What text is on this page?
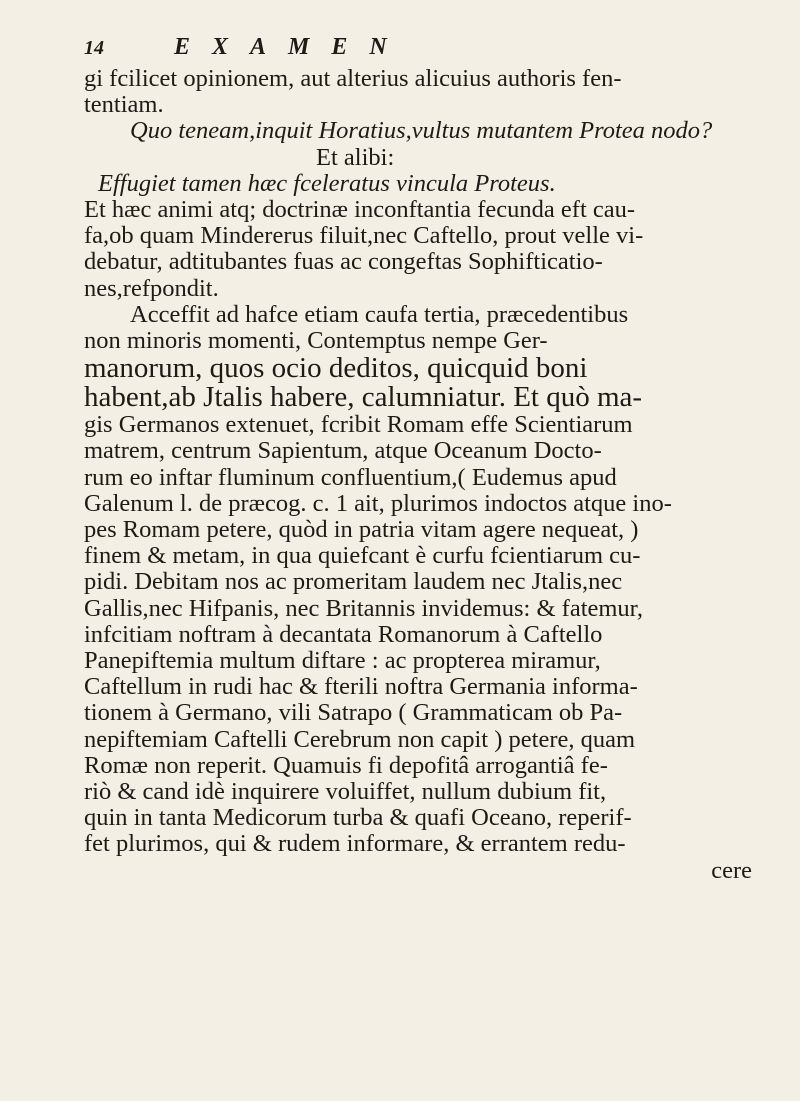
14	EXAMEN
gi fcilicet opinionem, aut alterius alicuius authoris fen-
tentiam.
Quo teneam,inquit Horatius,vultus mutantem Protea nodo?
Et alibi:
Effugiet tamen hæc fceleratus vincula Proteus.
Et hæc animi atq; doctrinæ inconftantia fecunda eft cau-
fa,ob quam Mindererus filuit,nec Caftello, prout velle vi-
debatur, adtitubantes fuas ac congeftas Sophifticatio-
nes,refpondit.
Acceffit ad hafce etiam caufa tertia, præcedentibus
non minoris momenti, Contemptus nempe Ger-
manorum, quos ocio deditos, quicquid boni
habent,ab Jtalis habere, calumniatur. Et quò ma-
gis Germanos extenuet, fcribit Romam effe Scientiarum
matrem, centrum Sapientum, atque Oceanum Docto-
rum eo inftar fluminum confluentium,( Eudemus apud
Galenum l. de præcog. c. 1 ait, plurimos indoctos atque ino-
pes Romam petere, quòd in patria vitam agere nequeat, )
finem & metam, in qua quiefcant è curfu fcientiarum cu-
pidi. Debitam nos ac promeritam laudem nec Jtalis,nec
Gallis,nec Hifpanis, nec Britannis invidemus: & fatemur,
infcitiam noftram à decantata Romanorum à Caftello
Panepiftemia multum diftare : ac propterea miramur,
Caftellum in rudi hac & fterili noftra Germania informa-
tionem à Germano, vili Satrapo ( Grammaticam ob Pa-
nepiftemiam Caftelli Cerebrum non capit ) petere, quam
Romæ non reperit. Quamuis fi depofitâ arrogantiâ fe-
riò & cand idè inquirere voluiffet, nullum dubium fit,
quin in tanta Medicorum turba & quafi Oceano, reperif-
fet plurimos, qui & rudem informare, & errantem redu-
cere
